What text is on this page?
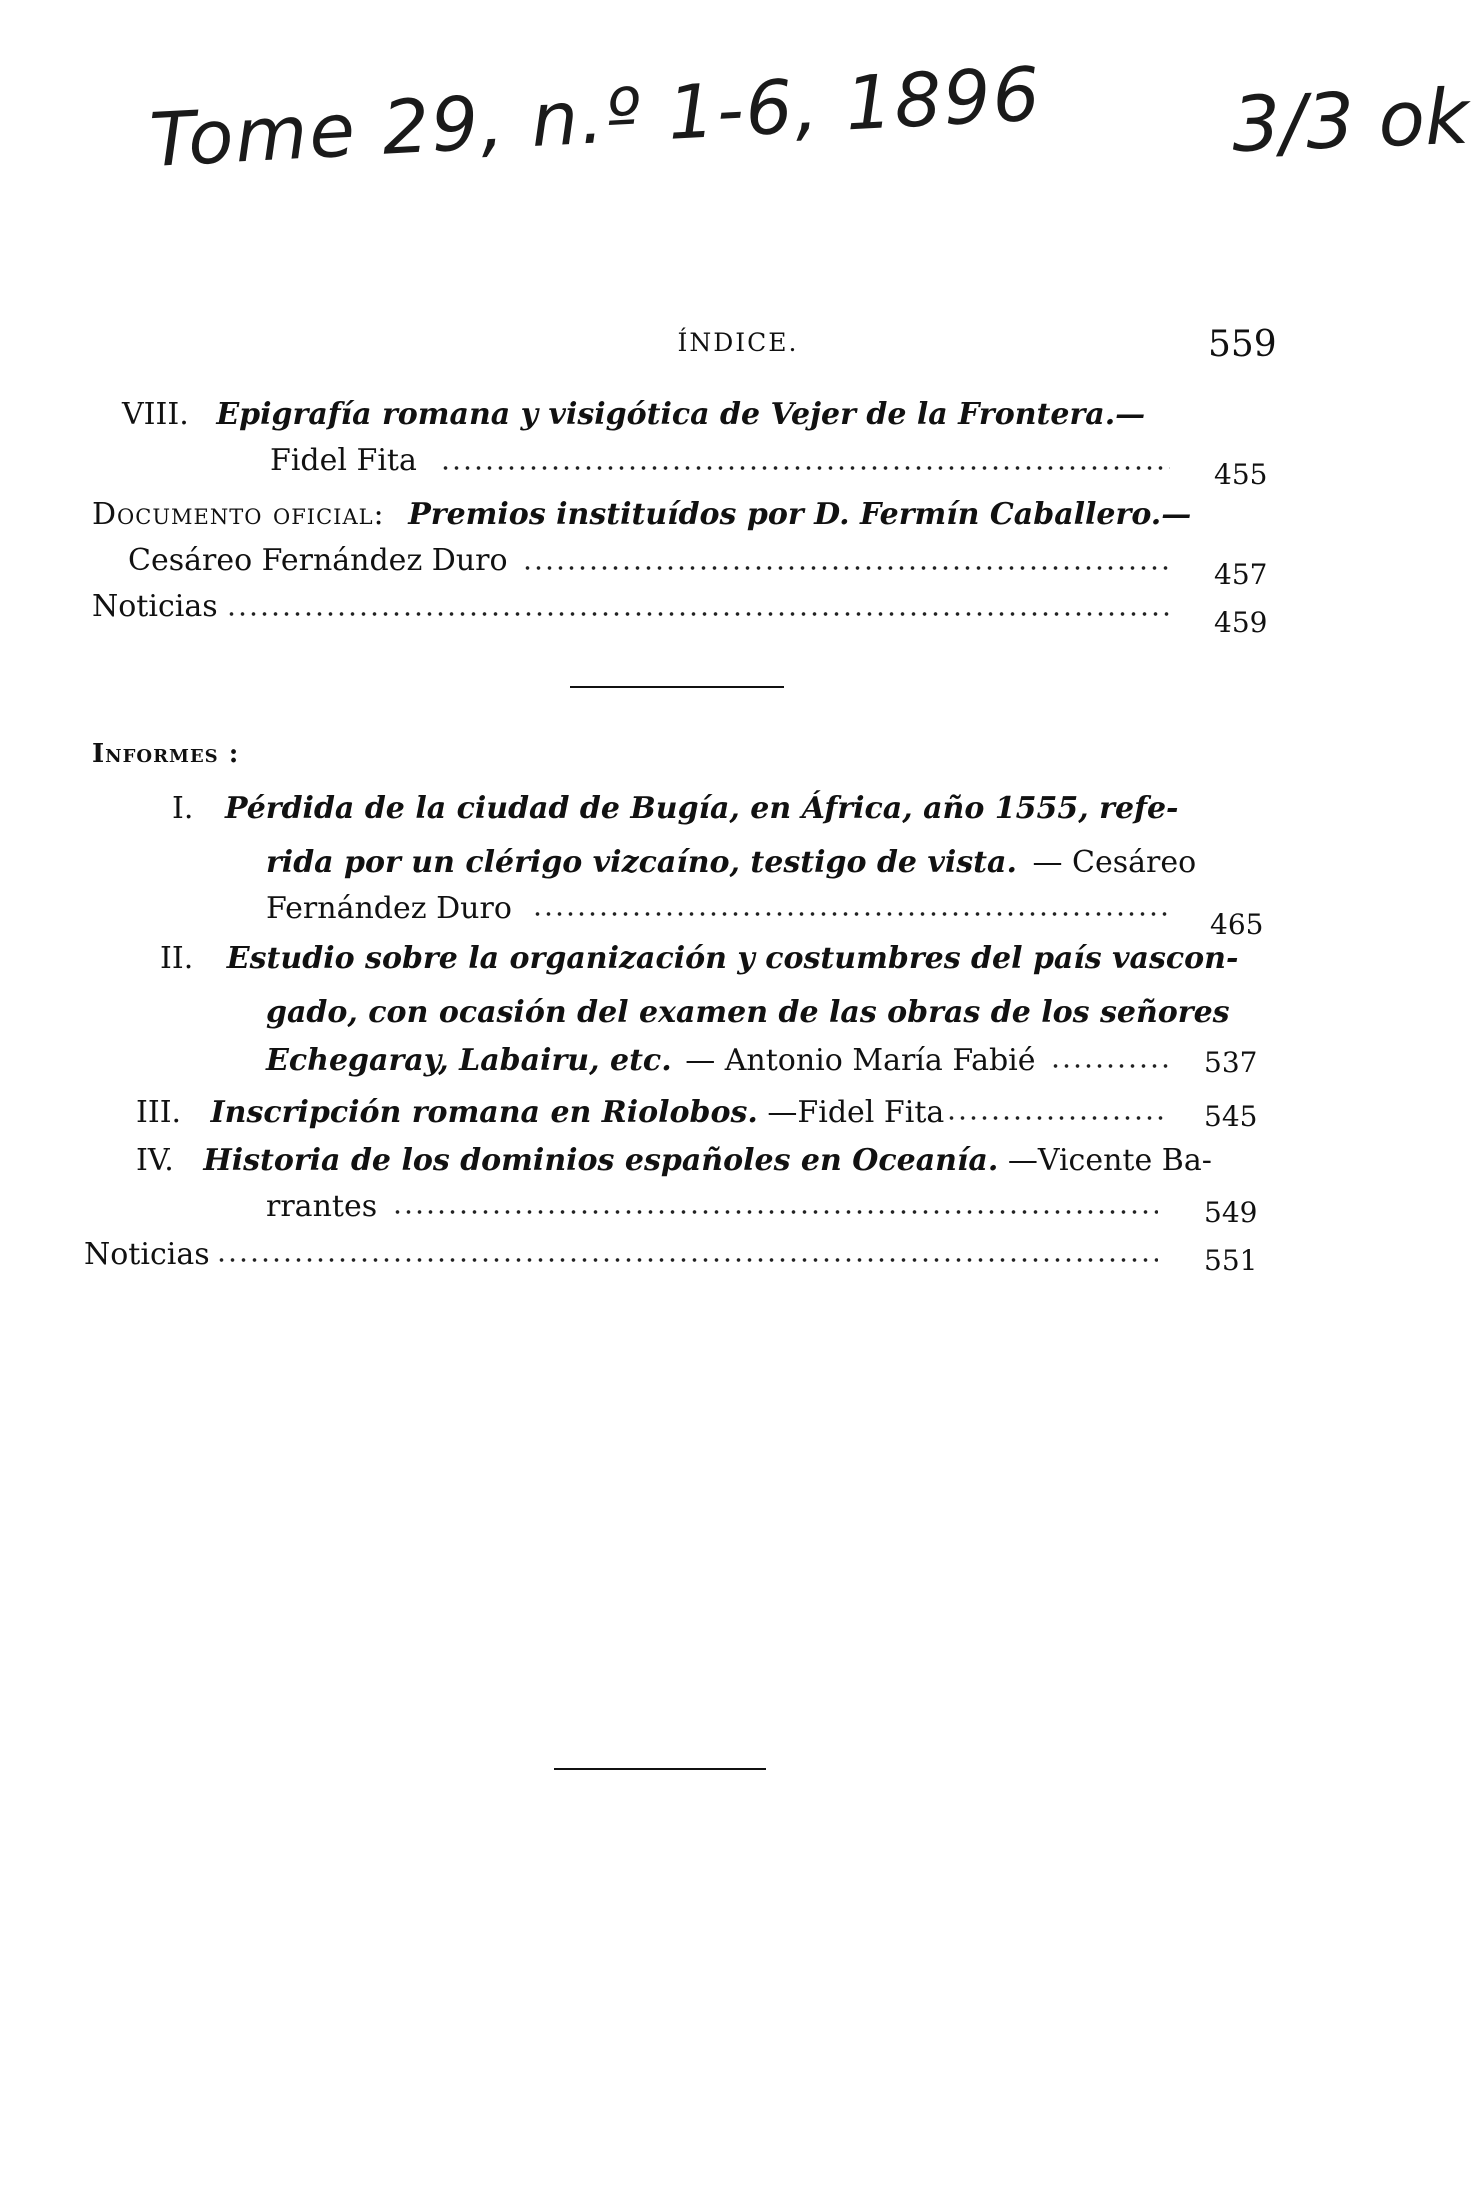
Tome 29, n.º 1-6, 1896 3/3 ok
ÍNDICE.	559
VIII. Epigrafía romana y visigótica de Vejer de la Frontera.—
Fidel Fita	455
Documento oficial: Premios instituídos por D. Fermín Caballero.—
Cesáreo Fernández Duro	457
Noticias	459
Informes :
I. Pérdida de la ciudad de Bugía, en África, año 1555, refe-
rida por un clérigo vizcaíno, testigo de vista. — Cesáreo
Fernández Duro	465
II. Estudio sobre la organización y costumbres del país vascon-
gado, con ocasión del examen de las obras de los señores
Echegaray, Labairu, etc. — Antonio María Fabié	537
III. Inscripción romana en Riolobos. —Fidel Fita	545
IV. Historia de los dominios españoles en Oceanía. —Vicente Ba-
rrantes	549
Noticias	551
